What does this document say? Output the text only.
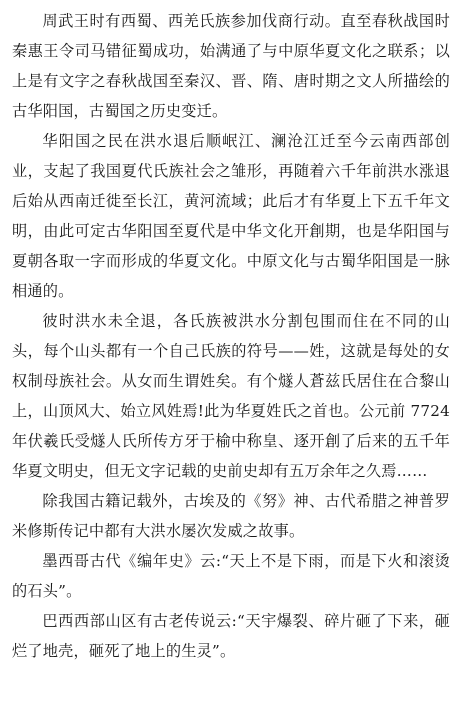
周武王时有西蜀、西羌氏族参加伐商行动。直至春秋战国时秦惠王令司马错征蜀成功，始满通了与中原华夏文化之联系；以上是有文字之春秋战国至秦汉、晋、隋、唐时期之文人所描绘的古华阳国，古蜀国之历史变迁。

华阳国之民在洪水退后顺岷江、澜沧江迁至今云南西部创业，支起了我国夏代氏族社会之雏形，再随着六千年前洪水涨退后始从西南迁徙至长江，黄河流域；此后才有华夏上下五千年文明，由此可定古华阳国至夏代是中华文化开創期，也是华阳国与夏朝各取一字而形成的华夏文化。中原文化与古蜀华阳国是一脉相通的。

彼时洪水未全退，各氏族被洪水分割包围而住在不同的山头，每个山头都有一个自己氏族的符号——姓，这就是每处的女权制母族社会。从女而生谓姓矣。有个燧人蒼兹氏居住在合黎山上，山顶风大、始立风姓焉!此为华夏姓氏之首也。公元前 7724 年伏羲氏受燧人氏所传方牙于榆中称皇、逐开創了后来的五千年华夏文明史，但无文字记载的史前史却有五万余年之久焉……

除我国古籍记载外，古埃及的《努》神、古代希腊之神普罗米修斯传记中都有大洪水屡次发威之故事。

墨西哥古代《编年史》云:“天上不是下雨，而是下火和滚烫的石头”。

巴西西部山区有古老传说云:“天宇爆裂、碎片砸了下来，砸烂了地壳，砸死了地上的生灵”。
